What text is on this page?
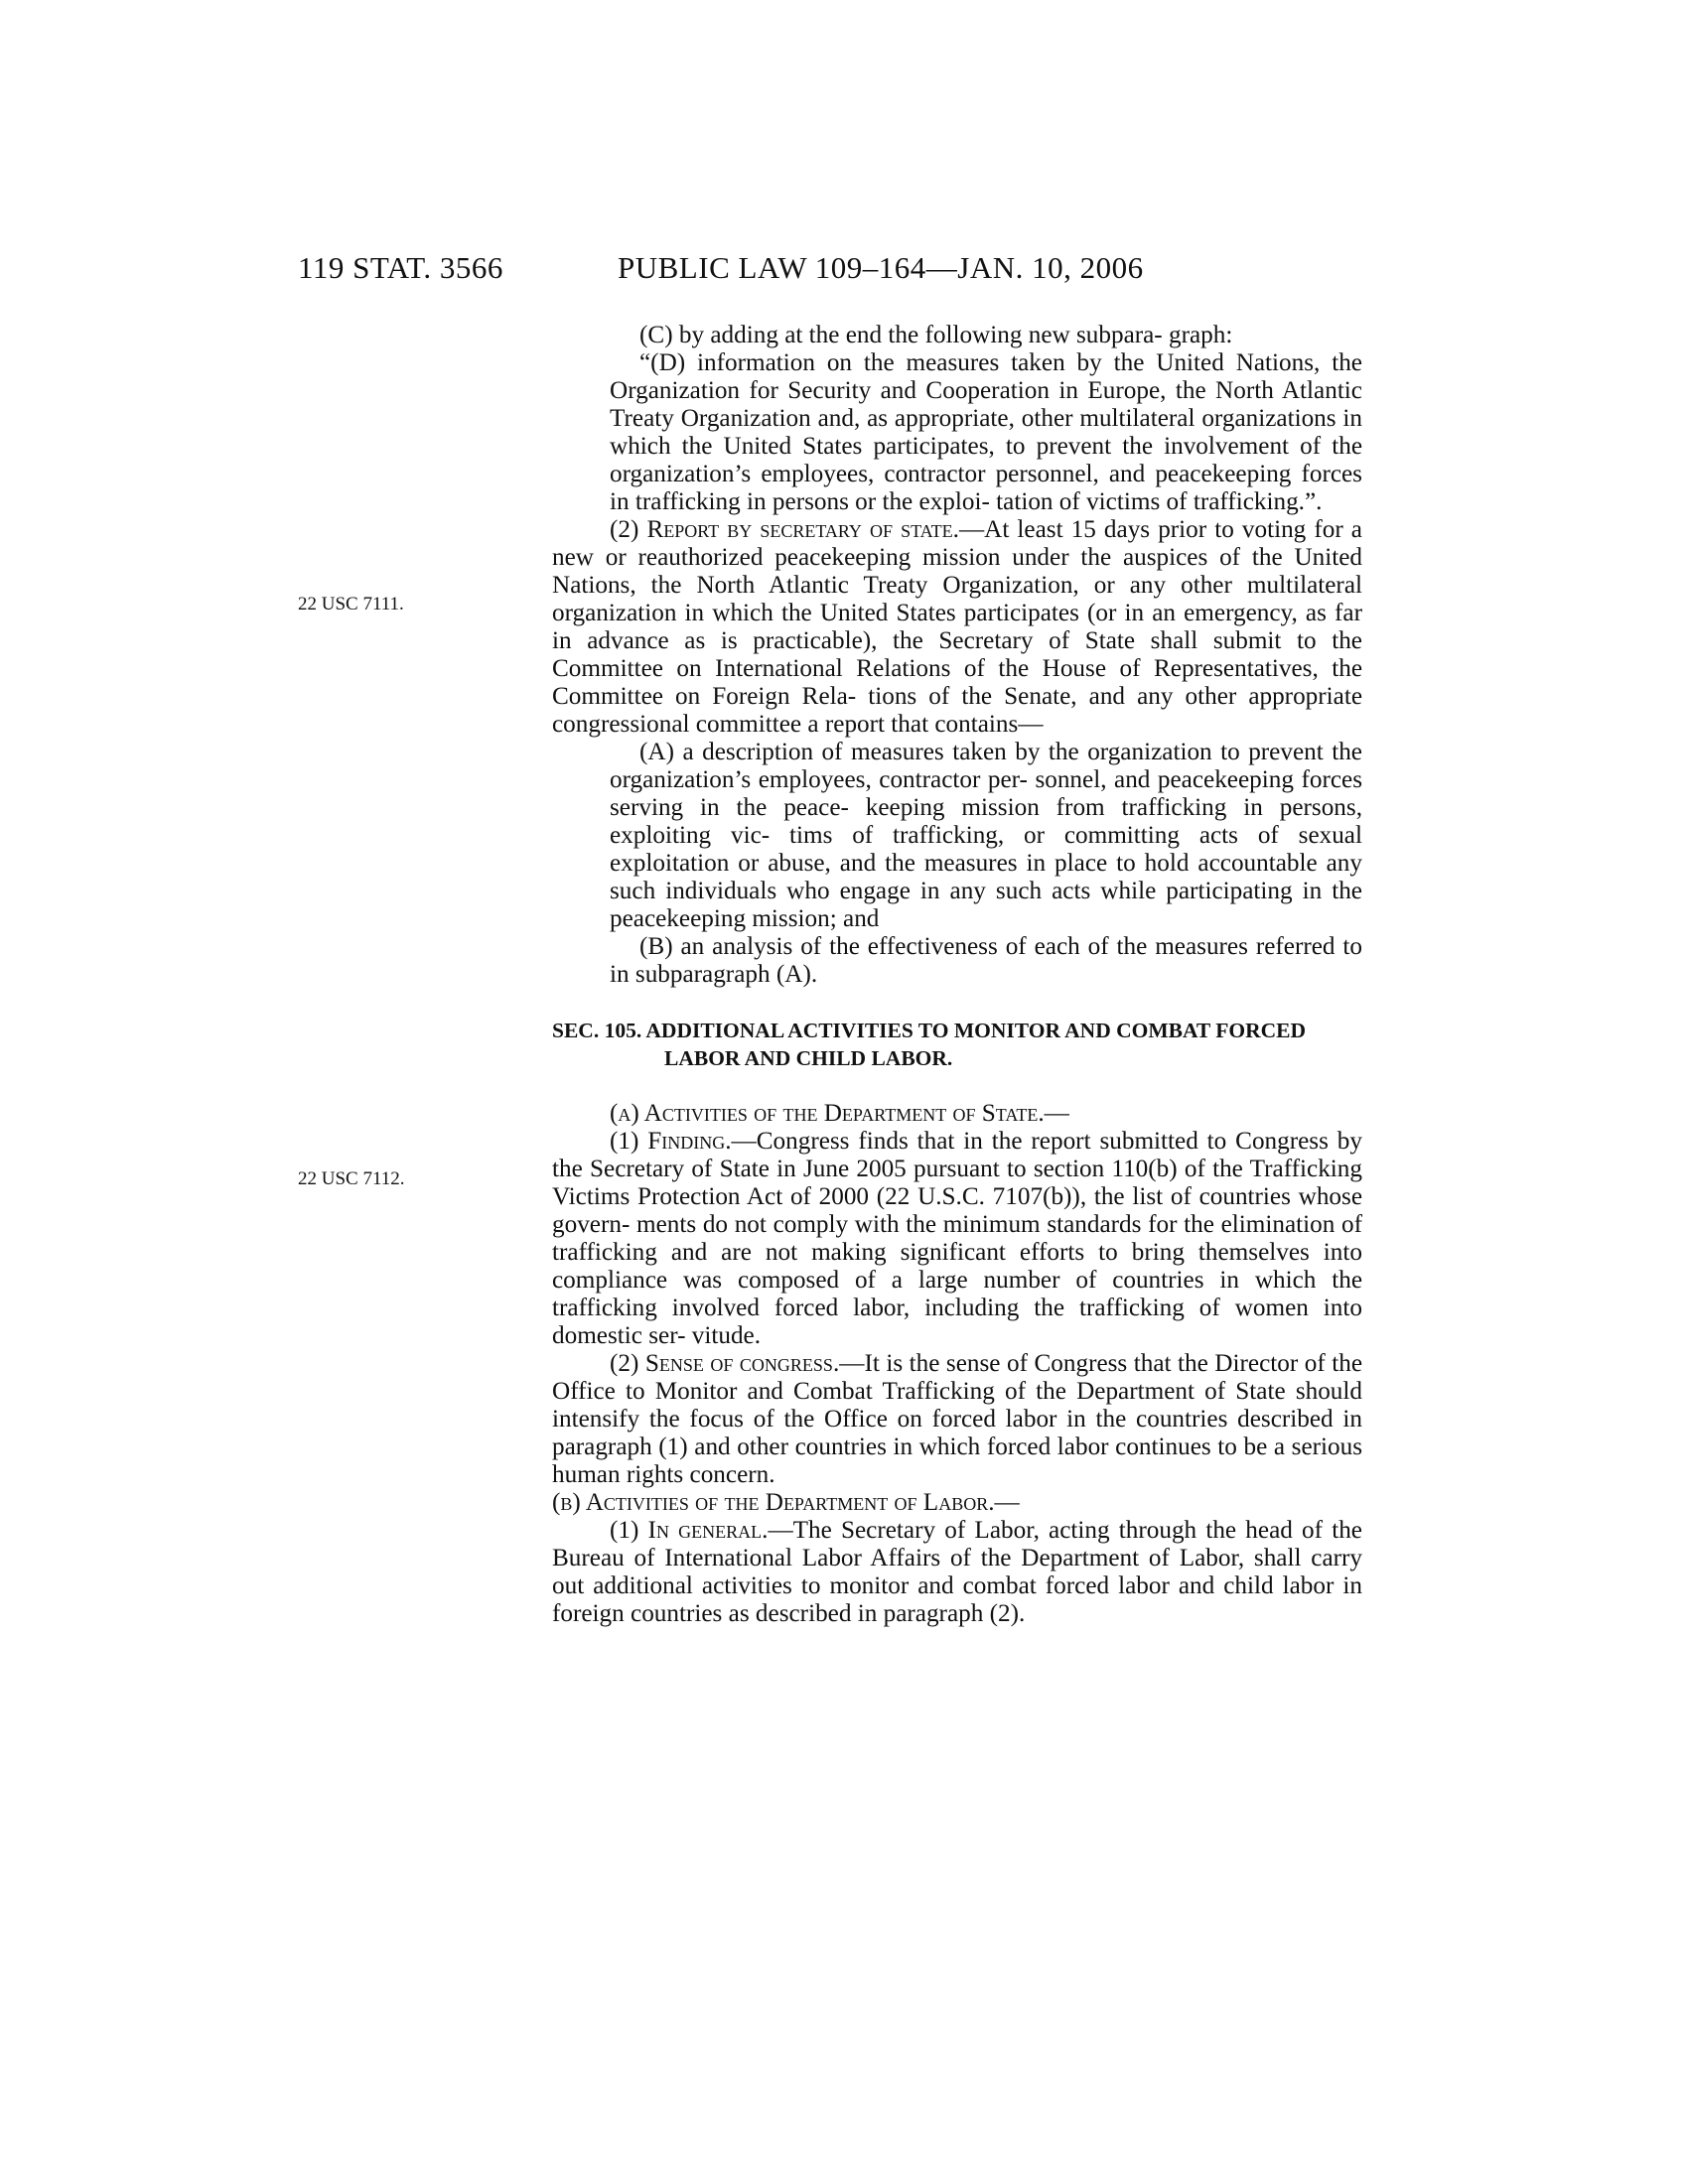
119 STAT. 3566	PUBLIC LAW 109–164—JAN. 10, 2006
22 USC 7111.
22 USC 7112.

(C) by adding at the end the following new subpara- graph:

“(D) information on the measures taken by the United Nations, the Organization for Security and Cooperation in Europe, the North Atlantic Treaty Organization and, as appropriate, other multilateral organizations in which the United States participates, to prevent the involvement of the organization’s employees, contractor personnel, and peacekeeping forces in trafficking in persons or the exploi- tation of victims of trafficking.”.

(2) Report by secretary of state.—At least 15 days prior to voting for a new or reauthorized peacekeeping mission under the auspices of the United Nations, the North Atlantic Treaty Organization, or any other multilateral organization in which the United States participates (or in an emergency, as far in advance as is practicable), the Secretary of State shall submit to the Committee on International Relations of the House of Representatives, the Committee on Foreign Rela- tions of the Senate, and any other appropriate congressional committee a report that contains—

(A) a description of measures taken by the organization to prevent the organization’s employees, contractor per- sonnel, and peacekeeping forces serving in the peace- keeping mission from trafficking in persons, exploiting vic- tims of trafficking, or committing acts of sexual exploitation or abuse, and the measures in place to hold accountable any such individuals who engage in any such acts while participating in the peacekeeping mission; and

(B) an analysis of the effectiveness of each of the measures referred to in subparagraph (A).

SEC. 105. ADDITIONAL ACTIVITIES TO MONITOR AND COMBAT FORCED
LABOR AND CHILD LABOR.

(a) Activities of the Department of State.—

(1) Finding.—Congress finds that in the report submitted to Congress by the Secretary of State in June 2005 pursuant to section 110(b) of the Trafficking Victims Protection Act of 2000 (22 U.S.C. 7107(b)), the list of countries whose govern- ments do not comply with the minimum standards for the elimination of trafficking and are not making significant efforts to bring themselves into compliance was composed of a large number of countries in which the trafficking involved forced labor, including the trafficking of women into domestic ser- vitude.

(2) Sense of congress.—It is the sense of Congress that the Director of the Office to Monitor and Combat Trafficking of the Department of State should intensify the focus of the Office on forced labor in the countries described in paragraph (1) and other countries in which forced labor continues to be a serious human rights concern.

(b) Activities of the Department of Labor.—

(1) In general.—The Secretary of Labor, acting through the head of the Bureau of International Labor Affairs of the Department of Labor, shall carry out additional activities to monitor and combat forced labor and child labor in foreign countries as described in paragraph (2).
